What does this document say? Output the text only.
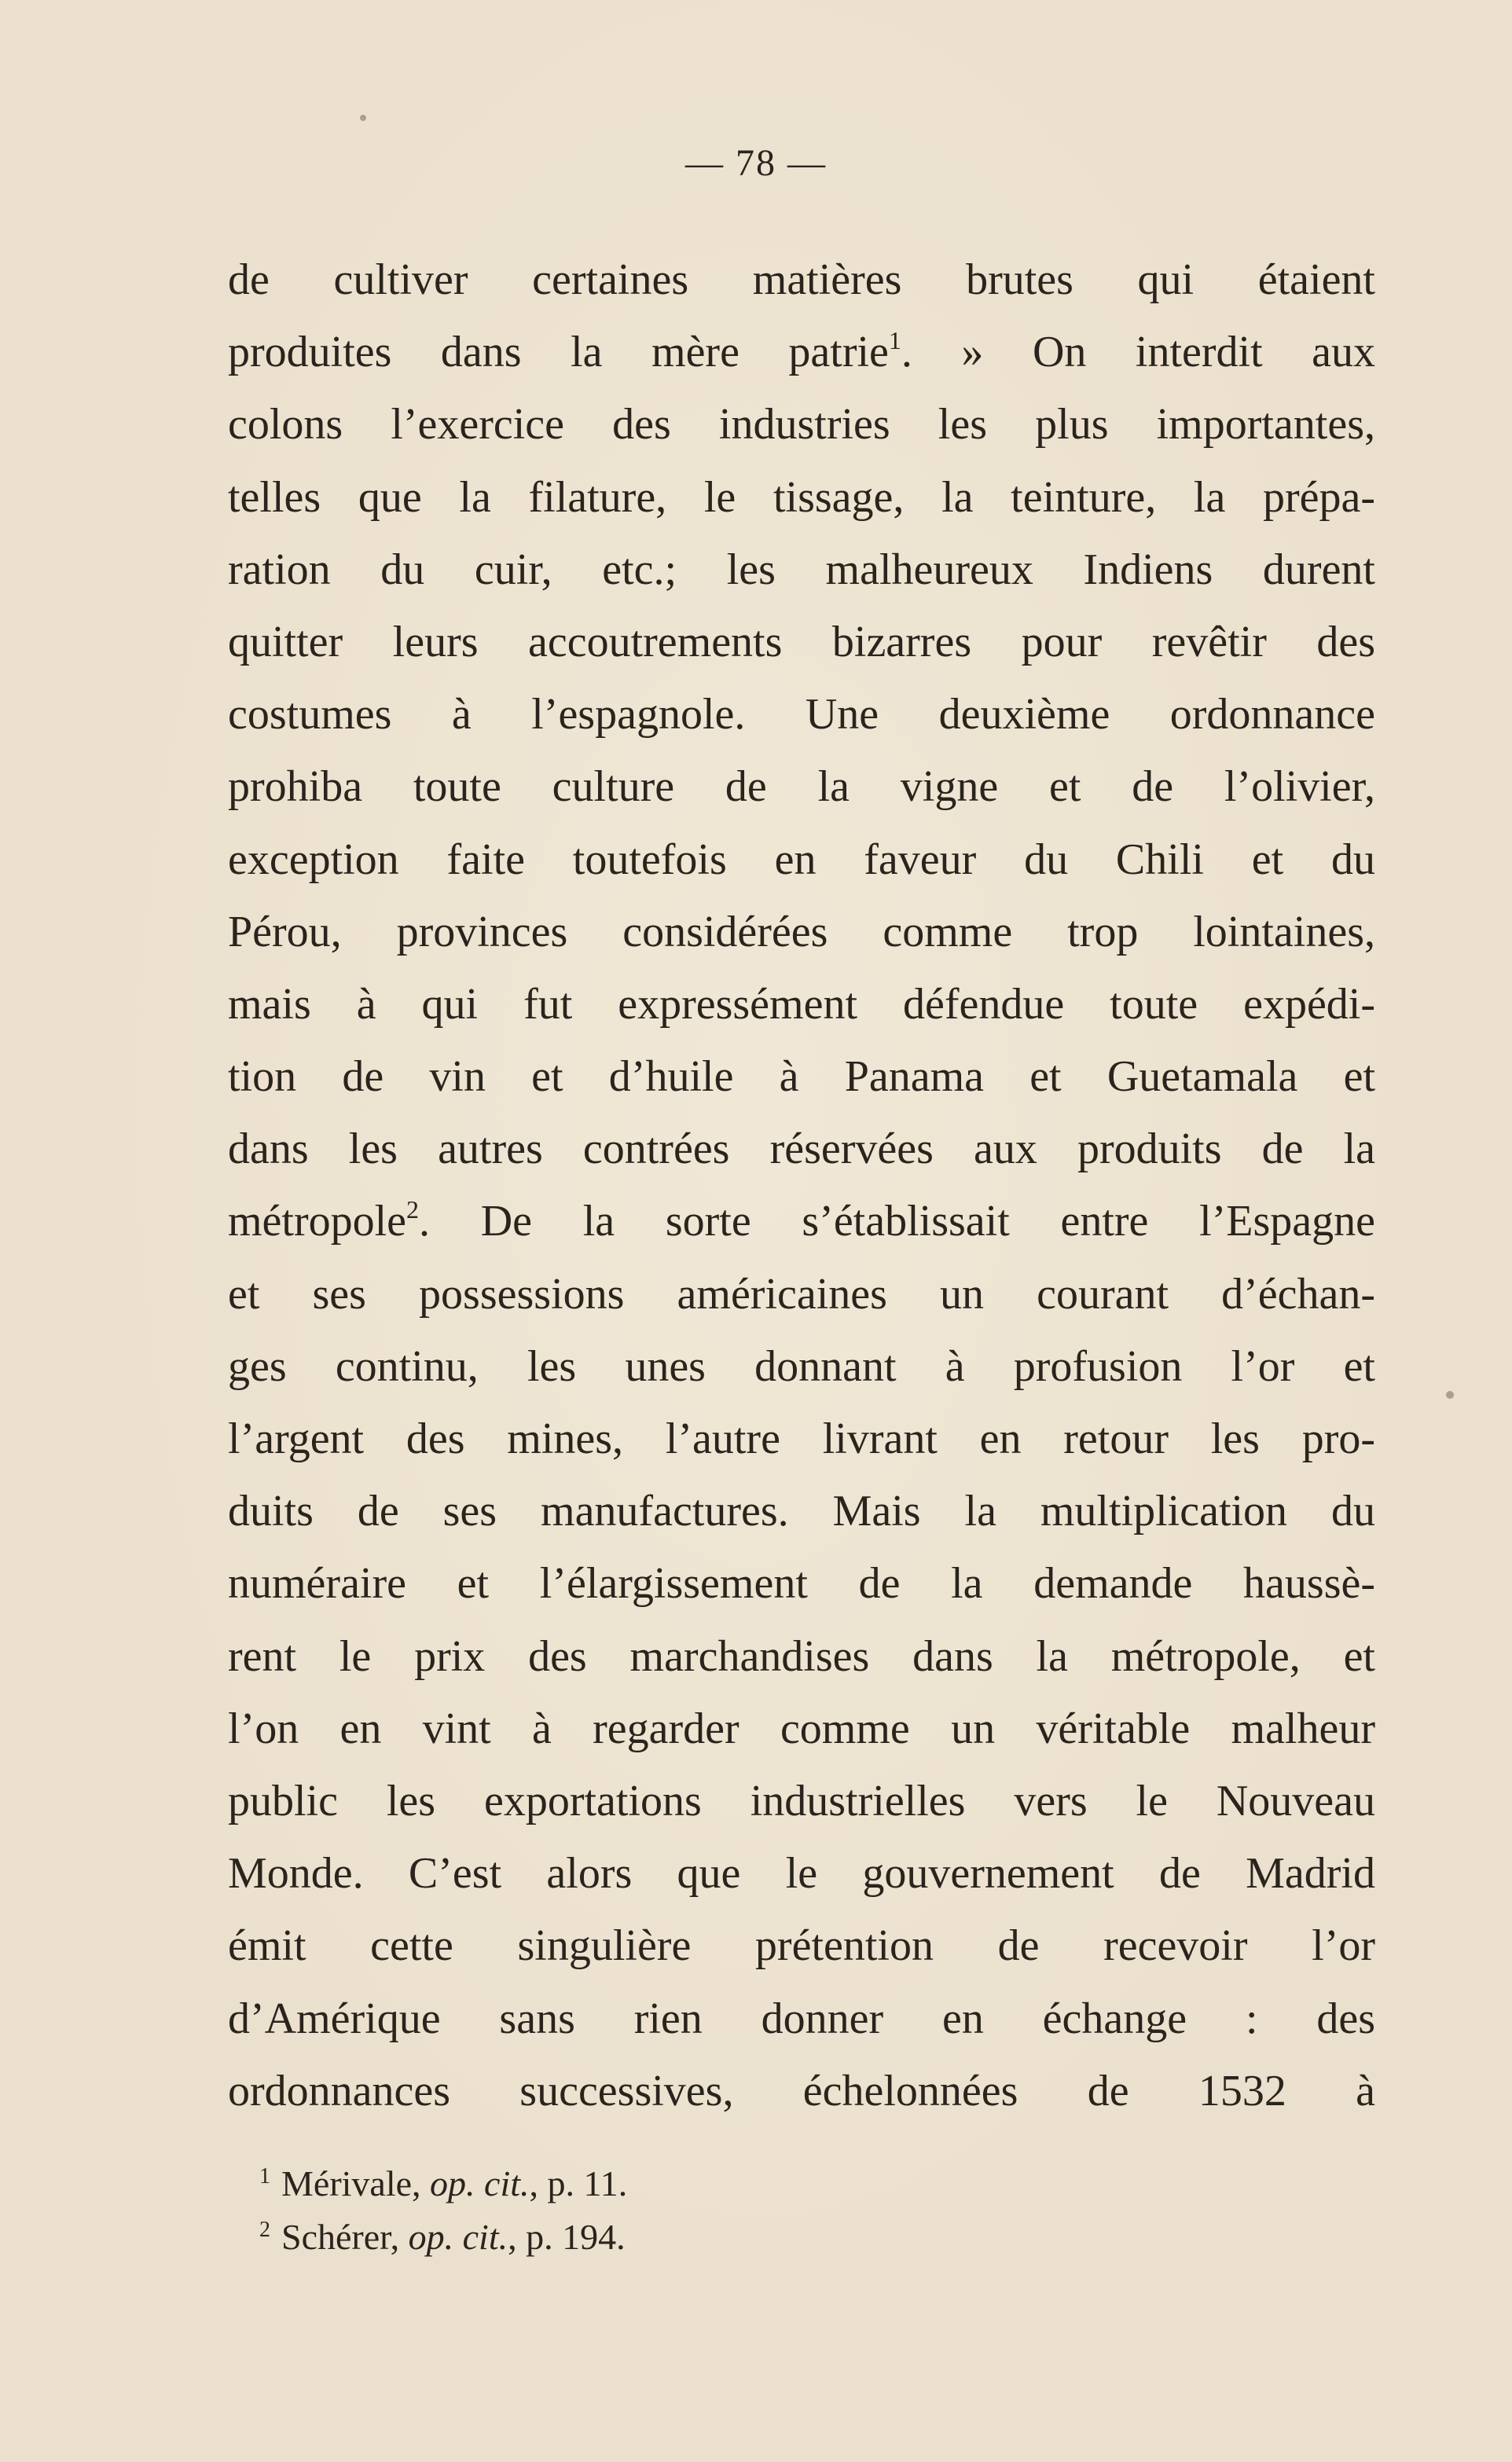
— 78 —

de cultiver certaines matières brutes qui étaient
produites dans la mère patrie$^1$. » On interdit aux
colons l’exercice des industries les plus importantes,
telles que la filature, le tissage, la teinture, la prépa-
ration du cuir, etc.; les malheureux Indiens durent
quitter leurs accoutrements bizarres pour revêtir des
costumes à l’espagnole. Une deuxième ordonnance
prohiba toute culture de la vigne et de l’olivier,
exception faite toutefois en faveur du Chili et du
Pérou, provinces considérées comme trop lointaines,
mais à qui fut expressément défendue toute expédi-
tion de vin et d’huile à Panama et Guetamala et
dans les autres contrées réservées aux produits de la
métropole$^2$. De la sorte s’établissait entre l’Espagne
et ses possessions américaines un courant d’échan-
ges continu, les unes donnant à profusion l’or et
l’argent des mines, l’autre livrant en retour les pro-
duits de ses manufactures. Mais la multiplication du
numéraire et l’élargissement de la demande haussè-
rent le prix des marchandises dans la métropole, et
l’on en vint à regarder comme un véritable malheur
public les exportations industrielles vers le Nouveau
Monde. C’est alors que le gouvernement de Madrid
émit cette singulière prétention de recevoir l’or
d’Amérique sans rien donner en échange : des
ordonnances successives, échelonnées de 1532 à

$^1$ Mérivale, op. cit., p. 11.
$^2$ Schérer, op. cit., p. 194.
